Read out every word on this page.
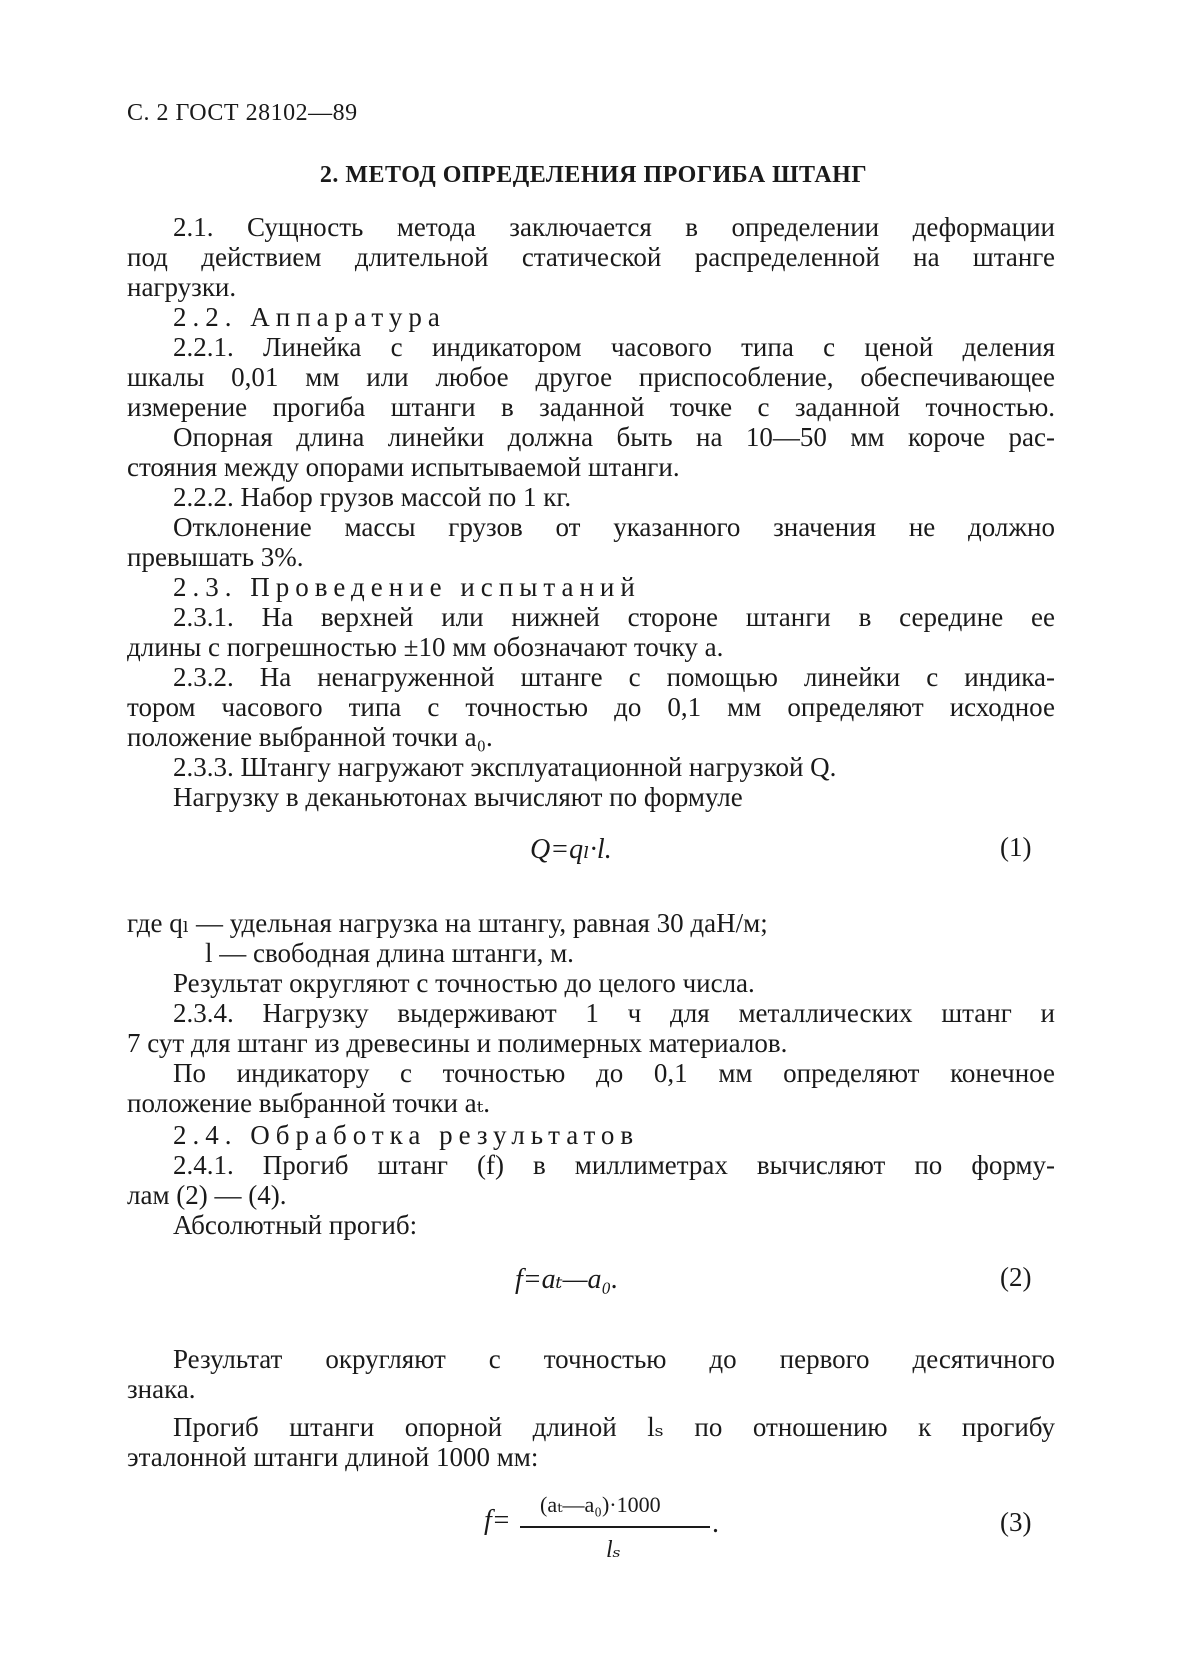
С. 2 ГОСТ 28102—89
2. МЕТОД ОПРЕДЕЛЕНИЯ ПРОГИБА ШТАНГ
2.1. Сущность метода заключается в определении деформации
под действием длительной статической распределенной на штанге
нагрузки.
2.2. Аппаратура
2.2.1. Линейка с индикатором часового типа с ценой деления
шкалы 0,01 мм или любое другое приспособление, обеспечивающее
измерение прогиба штанги в заданной точке с заданной точностью.
Опорная длина линейки должна быть на 10—50 мм короче рас-
стояния между опорами испытываемой штанги.
2.2.2. Набор грузов массой по 1 кг.
Отклонение массы грузов от указанного значения не должно
превышать 3%.
2.3. Проведение испытаний
2.3.1. На верхней или нижней стороне штанги в середине ее
длины с погрешностью ±10 мм обозначают точку a.
2.3.2. На ненагруженной штанге с помощью линейки с индика-
тором часового типа с точностью до 0,1 мм определяют исходное
положение выбранной точки a₀.
2.3.3. Штангу нагружают эксплуатационной нагрузкой Q.
Нагрузку в деканьютонах вычисляют по формуле
Q=qₗ·l.	(1)
где qₗ — удельная нагрузка на штангу, равная 30 даН/м;
l — свободная длина штанги, м.
Результат округляют с точностью до целого числа.
2.3.4. Нагрузку выдерживают 1 ч для металлических штанг и
7 сут для штанг из древесины и полимерных материалов.
По индикатору с точностью до 0,1 мм определяют конечное
положение выбранной точки aₜ.
2.4. Обработка результатов
2.4.1. Прогиб штанг (f) в миллиметрах вычисляют по форму-
лам (2) — (4).
Абсолютный прогиб:
f=aₜ—a₀.	(2)
Результат округляют с точностью до первого десятичного
знака.
Прогиб штанги опорной длиной lₛ по отношению к прогибу
эталонной штанги длиной 1000 мм:
f=
(aₜ—a₀)·1000
lₛ
.	(3)
